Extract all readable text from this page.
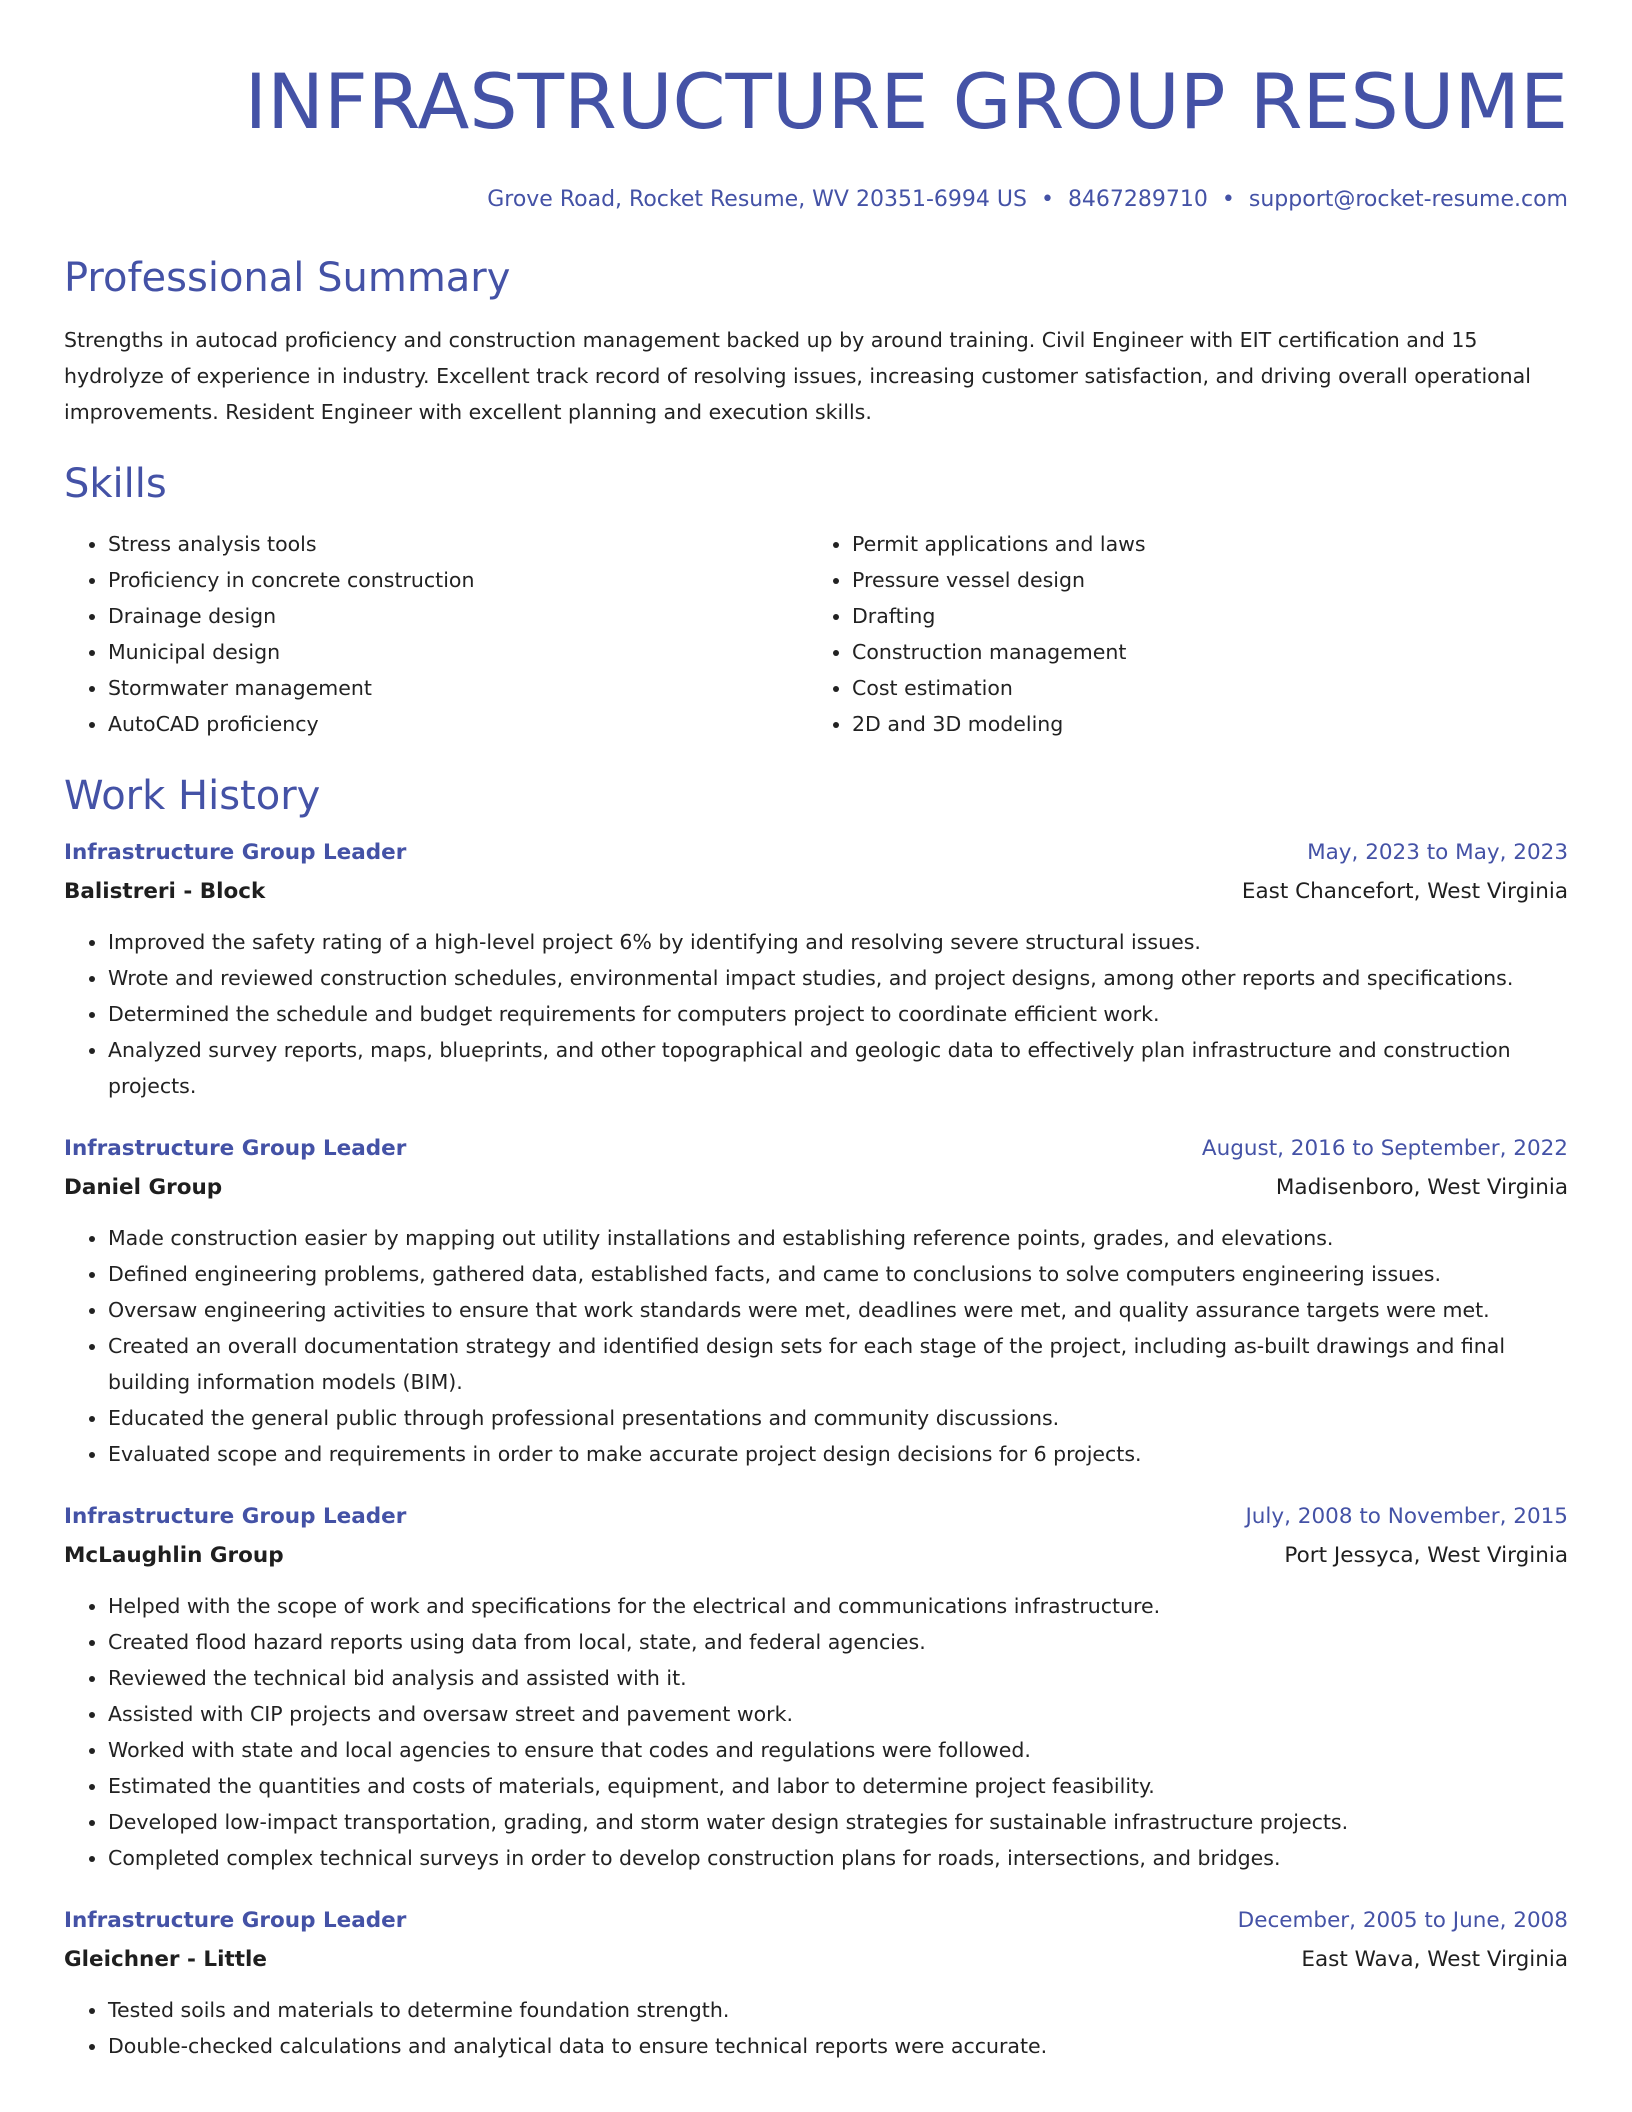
INFRASTRUCTURE GROUP RESUME
Grove Road, Rocket Resume, WV 20351-6994 US • 8467289710 • support@rocket-resume.com
Professional Summary

Strengths in autocad proficiency and construction management backed up by around training. Civil Engineer with EIT certification and 15 hydrolyze of experience in industry. Excellent track record of resolving issues, increasing customer satisfaction, and driving overall operational improvements. Resident Engineer with excellent planning and execution skills.

Skills
• Stress analysis tools
• Proficiency in concrete construction
• Drainage design
• Municipal design
• Stormwater management
• AutoCAD proficiency
• Permit applications and laws
• Pressure vessel design
• Drafting
• Construction management
• Cost estimation
• 2D and 3D modeling
Work History
Infrastructure Group Leader	May, 2023 to May, 2023
Balistreri - Block	East Chancefort, West Virginia
• Improved the safety rating of a high-level project 6% by identifying and resolving severe structural issues.
• Wrote and reviewed construction schedules, environmental impact studies, and project designs, among other reports and specifications.
• Determined the schedule and budget requirements for computers project to coordinate efficient work.
• Analyzed survey reports, maps, blueprints, and other topographical and geologic data to effectively plan infrastructure and construction projects.
Infrastructure Group Leader	August, 2016 to September, 2022
Daniel Group	Madisenboro, West Virginia
• Made construction easier by mapping out utility installations and establishing reference points, grades, and elevations.
• Defined engineering problems, gathered data, established facts, and came to conclusions to solve computers engineering issues.
• Oversaw engineering activities to ensure that work standards were met, deadlines were met, and quality assurance targets were met.
• Created an overall documentation strategy and identified design sets for each stage of the project, including as-built drawings and final building information models (BIM).
• Educated the general public through professional presentations and community discussions.
• Evaluated scope and requirements in order to make accurate project design decisions for 6 projects.
Infrastructure Group Leader	July, 2008 to November, 2015
McLaughlin Group	Port Jessyca, West Virginia
• Helped with the scope of work and specifications for the electrical and communications infrastructure.
• Created flood hazard reports using data from local, state, and federal agencies.
• Reviewed the technical bid analysis and assisted with it.
• Assisted with CIP projects and oversaw street and pavement work.
• Worked with state and local agencies to ensure that codes and regulations were followed.
• Estimated the quantities and costs of materials, equipment, and labor to determine project feasibility.
• Developed low-impact transportation, grading, and storm water design strategies for sustainable infrastructure projects.
• Completed complex technical surveys in order to develop construction plans for roads, intersections, and bridges.
Infrastructure Group Leader	December, 2005 to June, 2008
Gleichner - Little	East Wava, West Virginia
• Tested soils and materials to determine foundation strength.
• Double-checked calculations and analytical data to ensure technical reports were accurate.
